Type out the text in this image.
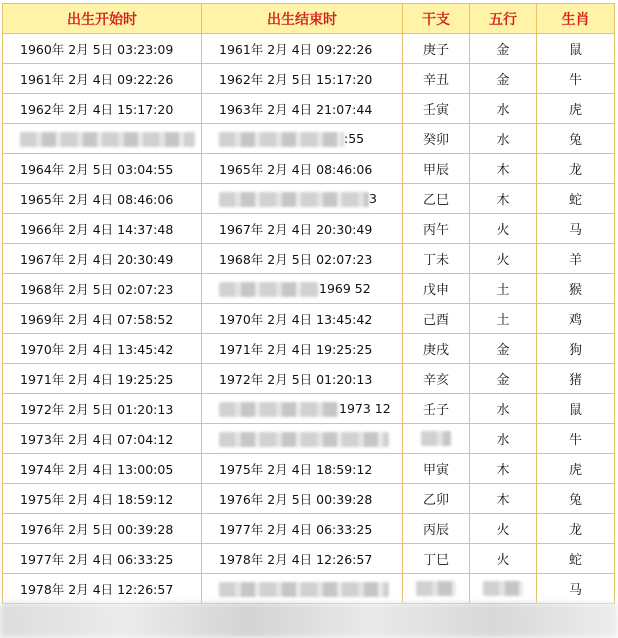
出生开始时	出生结束时	干支	五行	生肖
1960年 2月 5日 03:23:09	1961年 2月 4日 09:22:26	庚子	金	鼠
1961年 2月 4日 09:22:26	1962年 2月 5日 15:17:20	辛丑	金	牛
1962年 2月 4日 15:17:20	1963年 2月 4日 21:07:44	壬寅	水	虎
	:55	癸卯	水	兔
1964年 2月 5日 03:04:55	1965年 2月 4日 08:46:06	甲辰	木	龙
1965年 2月 4日 08:46:06	3	乙巳	木	蛇
1966年 2月 4日 14:37:48	1967年 2月 4日 20:30:49	丙午	火	马
1967年 2月 4日 20:30:49	1968年 2月 5日 02:07:23	丁未	火	羊
1968年 2月 5日 02:07:23	1969 52	戊申	土	猴
1969年 2月 4日 07:58:52	1970年 2月 4日 13:45:42	己酉	土	鸡
1970年 2月 4日 13:45:42	1971年 2月 4日 19:25:25	庚戌	金	狗
1971年 2月 4日 19:25:25	1972年 2月 5日 01:20:13	辛亥	金	猪
1972年 2月 5日 01:20:13	1973 12	壬子	水	鼠
1973年 2月 4日 07:04:12			水	牛
1974年 2月 4日 13:00:05	1975年 2月 4日 18:59:12	甲寅	木	虎
1975年 2月 4日 18:59:12	1976年 2月 5日 00:39:28	乙卯	木	兔
1976年 2月 5日 00:39:28	1977年 2月 4日 06:33:25	丙辰	火	龙
1977年 2月 4日 06:33:25	1978年 2月 4日 12:26:57	丁巳	火	蛇
1978年 2月 4日 12:26:57				马
